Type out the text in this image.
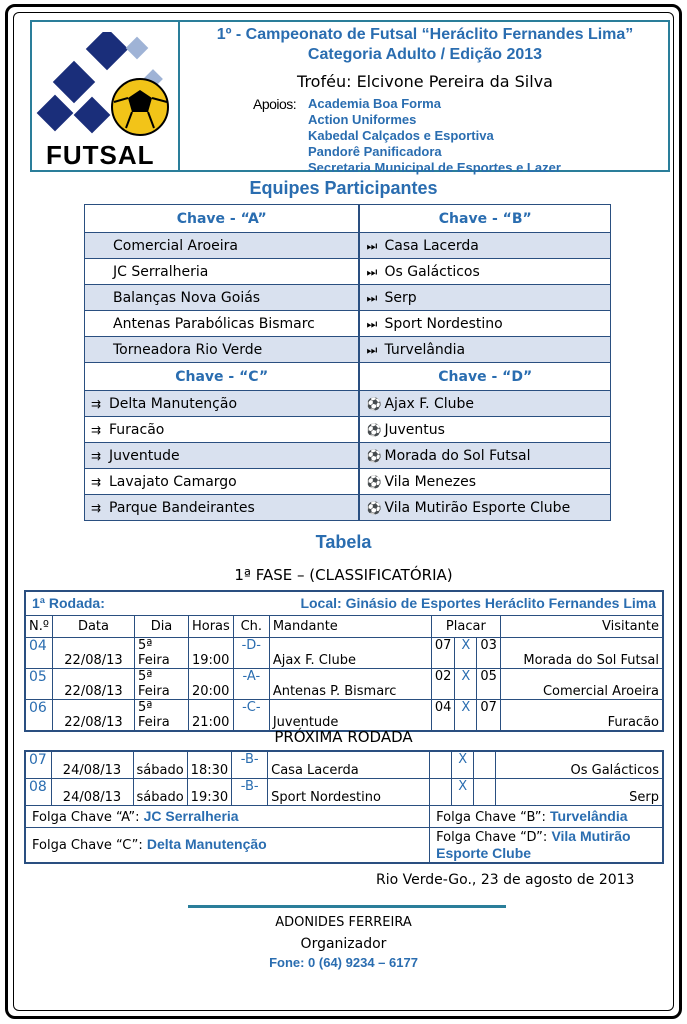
FUTSAL
1º - Campeonato de Futsal “Heráclito Fernandes Lima”
Categoria Adulto / Edição 2013
Troféu: Elcivone Pereira da Silva
Apoios: Academia Boa Forma
Action Uniformes
Kabedal Calçados e Esportiva
Pandorê Panificadora
Secretaria Municipal de Esportes e Lazer
Equipes Participantes
Chave - “A”	Chave - “B”
Comercial Aroeira	⏭ Casa Lacerda
JC Serralheria	⏭ Os Galácticos
Balanças Nova Goiás	⏭ Serp
Antenas Parabólicas Bismarc	⏭ Sport Nordestino
Torneadora Rio Verde	⏭ Turvelândia
Chave - “C”	Chave - “D”
⇉ Delta Manutenção	⚽ Ajax F. Clube
⇉ Furacão	⚽ Juventus
⇉ Juventude	⚽ Morada do Sol Futsal
⇉ Lavajato Camargo	⚽ Vila Menezes
⇉ Parque Bandeirantes	⚽ Vila Mutirão Esporte Clube
Tabela
1ª FASE – (CLASSIFICATÓRIA)
1ª Rodada:					Local: Ginásio de Esportes Heráclito Fernandes Lima				
N.º	Data	Dia	Horas	Ch.	Mandante	Placar			Visitante
04	22/08/13	5ª Feira	19:00	-D-	Ajax F. Clube	07	X	03	Morada do Sol Futsal
05	22/08/13	5ª Feira	20:00	-A-	Antenas P. Bismarc	02	X	05	Comercial Aroeira
06	22/08/13	5ª Feira	21:00	-C-	Juventude	04	X	07	Furacão
PRÓXIMA RODADA
07	24/08/13	sábado	18:30	-B-	Casa Lacerda		X		Os Galácticos
08	24/08/13	sábado	19:30	-B-	Sport Nordestino		X		Serp
Folga Chave “A”: JC Serralheria						Folga Chave “B”: Turvelândia			
Folga Chave “C”: Delta Manutenção						Folga Chave “D”: Vila Mutirão Esporte Clube			
Rio Verde-Go., 23 de agosto de 2013
ADONIDES FERREIRA
Organizador
Fone: 0 (64) 9234 – 6177
